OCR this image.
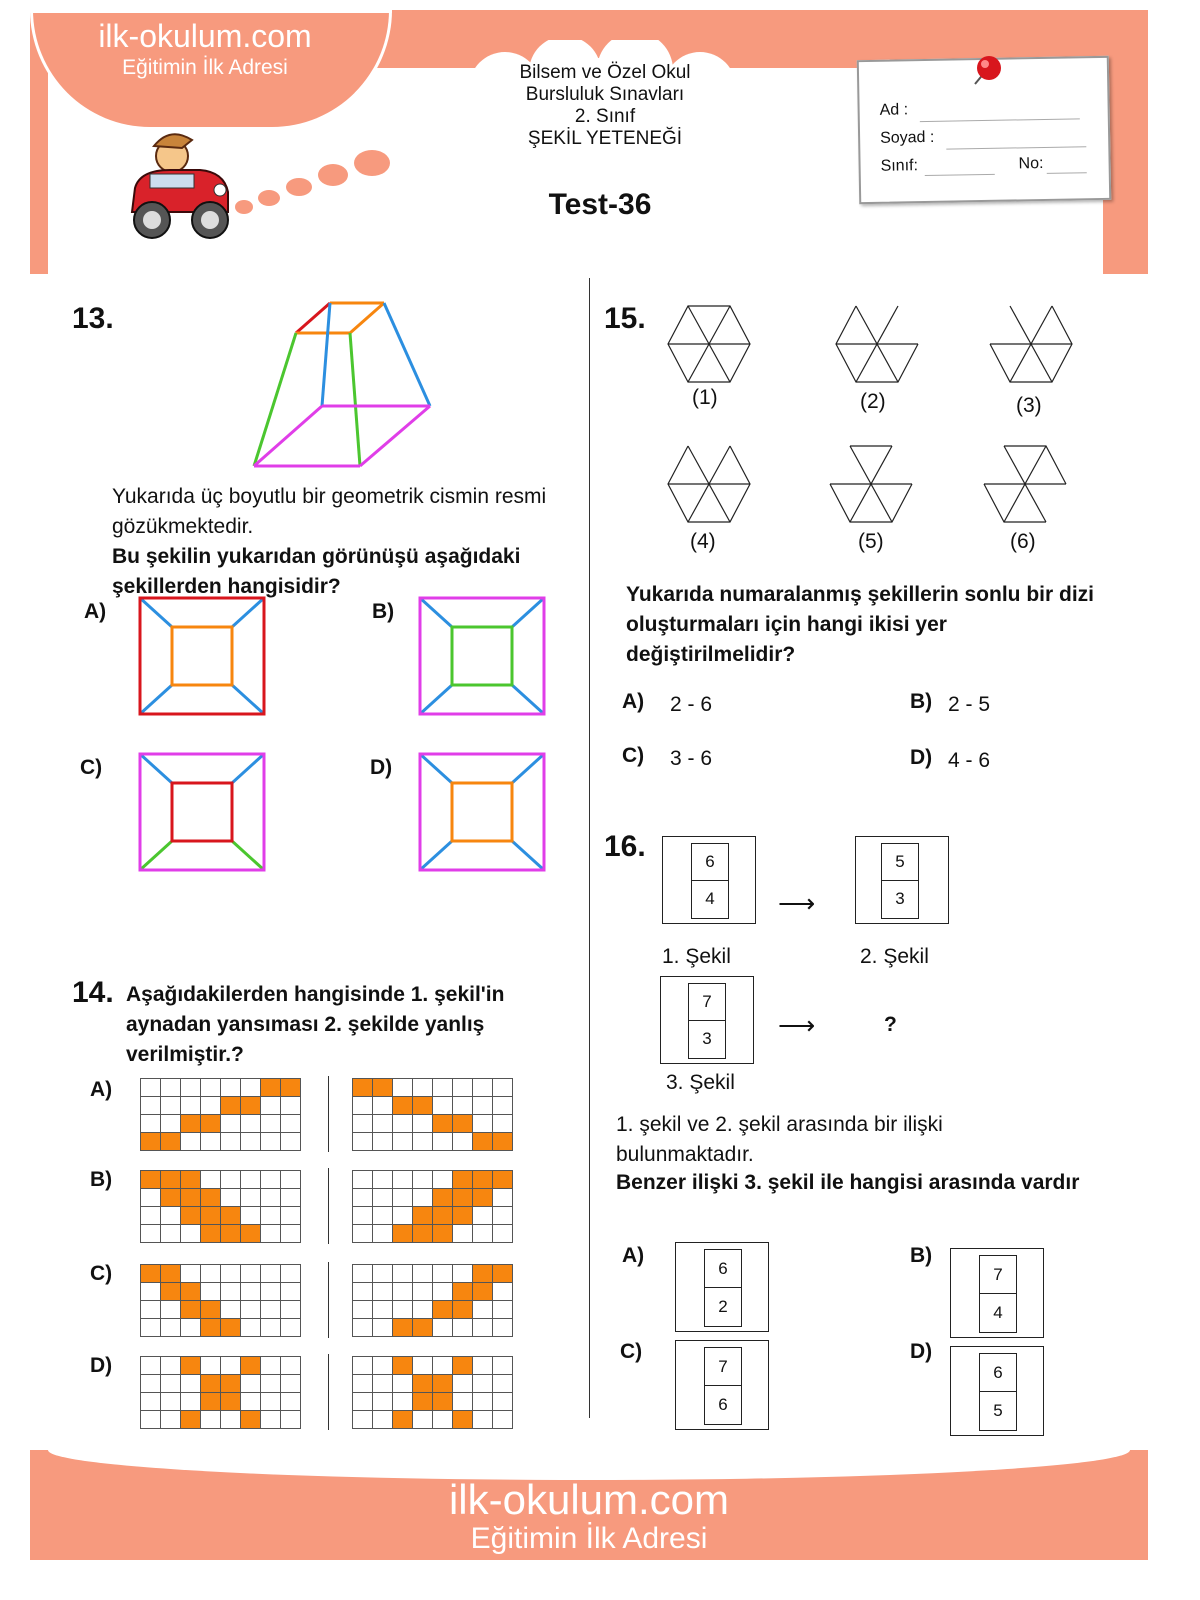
ilk-okulum.com
Eğitimin İlk Adresi	Bilsem ve Özel Okul
Bursluluk Sınavları
2. Sınıf
ŞEKİL YETENEĞİ
Test-36
Ad :
Soyad :
Sınıf:	No:
13.
Yukarıda üç boyutlu bir geometrik cismin resmi gözükmektedir.
Bu şekilin yukarıdan görünüşü aşağıdaki şekillerden hangisidir?
A)	B)
C)	D)
14. Aşağıdakilerden hangisinde 1. şekil'in aynadan yansıması 2. şekilde yanlış verilmiştir.?
A)
B)
C)
D)
15.
(1)	(2)	(3)
(4)	(5)	(6)
Yukarıda numaralanmış şekillerin sonlu bir dizi oluşturmaları için hangi ikisi yer değiştirilmelidir?
A) 2 - 6	B) 2 - 5
C) 3 - 6	D) 4 - 6
16.	6
4	⟶
5
3
1. Şekil	2. Şekil
7
3	⟶	?
3. Şekil
1. şekil ve 2. şekil arasında bir ilişki bulunmaktadır.
Benzer ilişki 3. şekil ile hangisi arasında vardır
A)
6
2
B)
7
4
C)
7
6
D)
6
5
ilk-okulum.com
Eğitimin İlk Adresi
